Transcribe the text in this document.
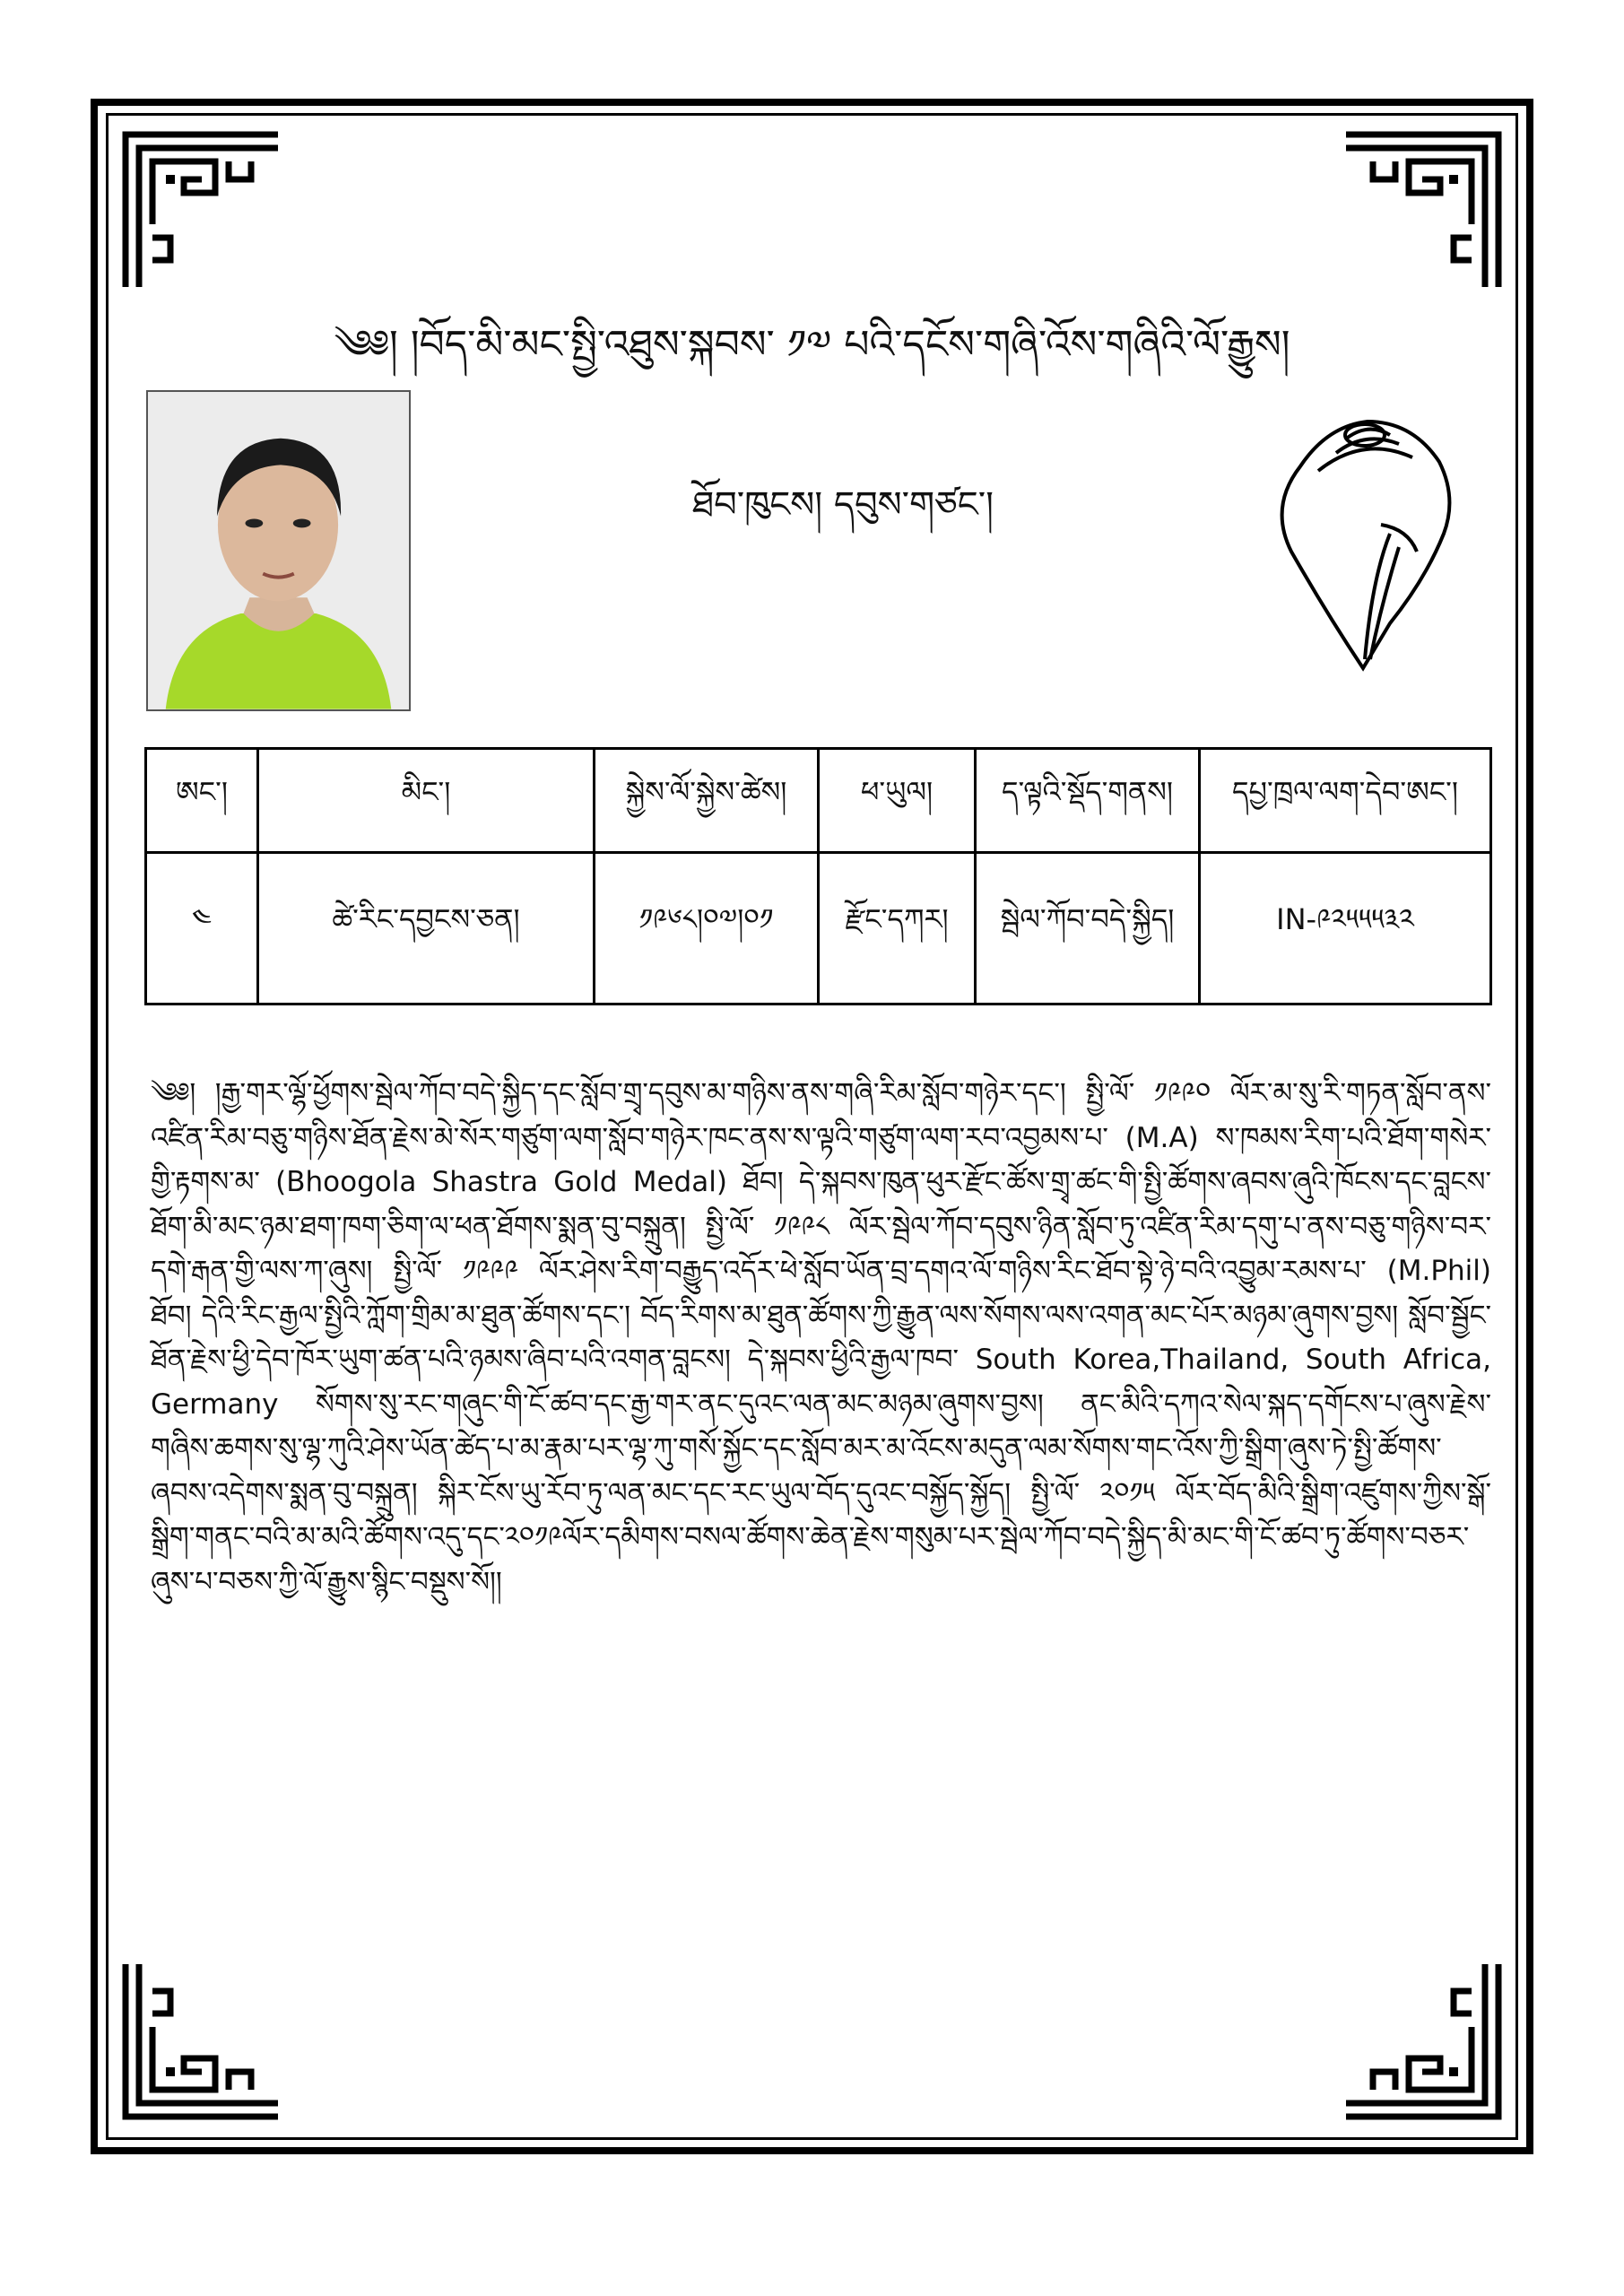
༄༅། །བོད་མི་མང་སྤྱི་འཐུས་སྐབས་ ༡༧ པའི་དངོས་གཞི་འོས་གཞིའི་ལོ་རྒྱུས།
ཐོབ་ཁུངས། དབུས་གཙང་།
ཨང་།	མིང་།	སྐྱེས་ལོ་སྐྱེས་ཚེས།	ཕ་ཡུལ།	ད་ལྟའི་སྡོད་གནས།	དཔྱ་ཁྲལ་ལག་དེབ་ཨང་།
༤	ཚེ་རིང་དབྱངས་ཅན།	༡༩༦༨།༠༧།༠༡	རྫོང་དཀར།	སྦེལ་ཀོབ་བདེ་སྐྱིད།	IN-༩༢༥༥༥༣༢

༄༅། །རྒྱ་གར་ལྷོ་ཕྱོགས་སྦེལ་ཀོབ་བདེ་སྐྱིད་དང་སློབ་གྲྭ་དབུས་མ་གཉིས་ནས་གཞི་རིམ་སློབ་གཉེར་དང་། སྤྱི་ལོ་ ༡༩༩༠ ལོར་མ་སུ་རི་གཏན་སློབ་ནས་འཛིན་རིམ་བཅུ་གཉིས་ཐོན་རྗེས་མེ་སོར་གཙུག་ལག་སློབ་གཉེར་ཁང་ནས་ས་ལྟའི་གཙུག་ལག་རབ་འབྱམས་པ་ (M.A) ས་ཁམས་རིག་པའི་ཐོག་གསེར་གྱི་རྟགས་མ་ (Bhoogola Shastra Gold Medal) ཐོབ། དེ་སྐབས་ཁུན་ཕུར་རྫོང་ཚོས་གྲྭ་ཚང་གི་སྤྱི་ཚོགས་ཞབས་ཞུའི་ཁོངས་དང་བླངས་ཐོག་མི་མང་ཉམ་ཐག་ཁག་ཅིག་ལ་ཕན་ཐོགས་སྨན་བུ་བསྐྲུན། སྤྱི་ལོ་ ༡༩༩༨ ལོར་སྦེལ་ཀོབ་དབུས་ཉིན་སློབ་ཏུ་འཛིན་རིམ་དགུ་པ་ནས་བཅུ་གཉིས་བར་དགེ་རྒན་གྱི་ལས་ཀ་ཞུས། སྤྱི་ལོ་ ༡༩༩༩ ལོར་ཤེས་རིག་བརྒྱུད་འདོར་ཕེ་སློབ་ཡོན་བྲ་དགའ་ལོ་གཉིས་རིང་ཐོབ་སྟེ་ཉེ་བའི་འབྱུམ་རམས་པ་ (M.Phil) ཐོབ། དེའི་རིང་རྒྱལ་སྤྱིའི་ཀློག་གྲིམ་མ་ཐུན་ཚོགས་དང་། བོད་རིགས་མ་ཐུན་ཚོགས་ཀྱི་རྒྱུན་ལས་སོགས་ལས་འགན་མང་པོར་མཉམ་ཞུགས་བྱས། སློབ་སྦྱོང་ཐོན་རྗེས་ཕྱི་དེབ་ཁོར་ཡུག་ཚན་པའི་ཉམས་ཞིབ་པའི་འགན་བླངས། དེ་སྐབས་ཕྱིའི་རྒྱལ་ཁབ་ South Korea,Thailand, South Africa, Germany སོགས་སུ་རང་གཞུང་གི་ངོ་ཚབ་དང་རྒྱ་གར་ནང་དུའང་ལན་མང་མཉམ་ཞུགས་བྱས། ནང་མིའི་དཀའ་སེལ་སྐད་དགོངས་པ་ཞུས་རྗེས་གཞིས་ཆགས་སུ་ལྷ་ཀུའི་ཤེས་ཡོན་ཚེད་པ་མ་རྣམ་པར་ལྷ་ཀུ་གསོ་སྐྱོང་དང་སློབ་མར་མ་འོངས་མདུན་ལམ་སོགས་གང་འོས་ཀྱི་སྒྲིག་ཞུས་ཏེ་སྤྱི་ཚོགས་ཞབས་འདེགས་སྨན་བུ་བསྐྲུན། སྐིར་ངོས་ཡུ་རོབ་ཏུ་ལན་མང་དང་རང་ཡུལ་བོད་དུའང་བསྐྱོད་སྐྱོད། སྤྱི་ལོ་ ༢༠༡༥ ལོར་བོད་མིའི་སྒྲིག་འཛུགས་ཀྱིས་སྒོ་སྒྲིག་གནང་བའི་མ་མའི་ཚོགས་འདུ་དང་༢༠༡༩ལོར་དམིགས་བསལ་ཚོགས་ཆེན་རྗེས་གསུམ་པར་སྦེལ་ཀོབ་བདེ་སྐྱིད་མི་མང་གི་ངོ་ཚབ་ཏུ་ཚོགས་བཅར་ཞུས་པ་བཅས་ཀྱི་ལོ་རྒྱུས་སྙིང་བསྡུས་སོ།།
